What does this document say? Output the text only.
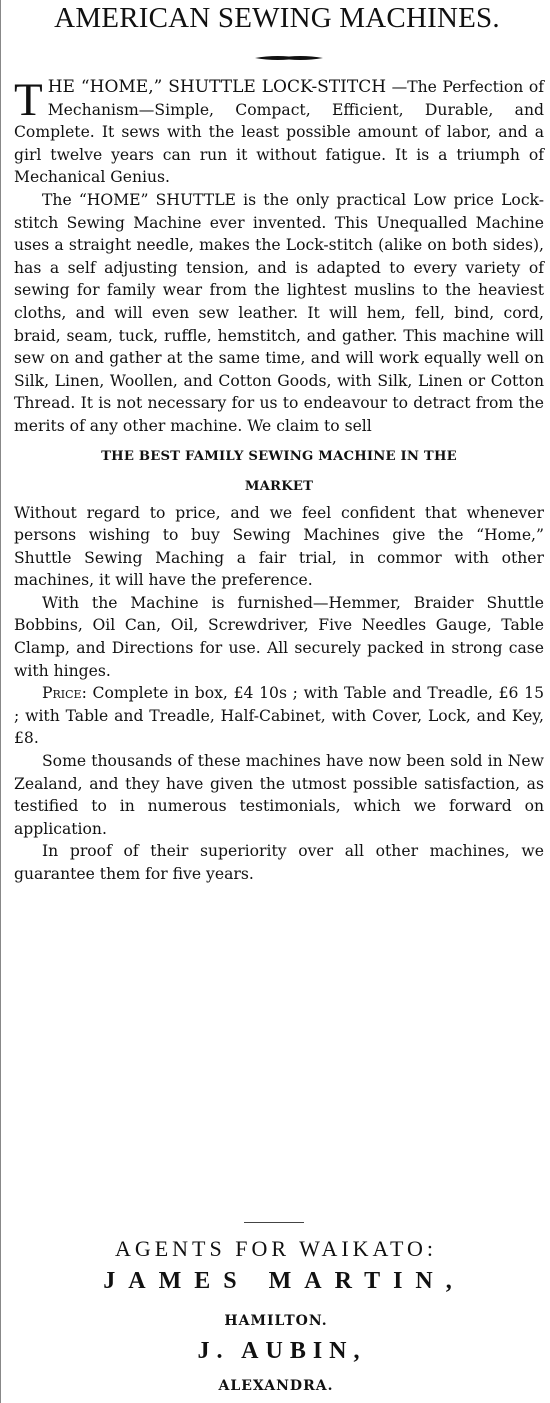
AMERICAN SEWING MACHINES.

THE “HOME,” SHUTTLE LOCK-STITCH —The Perfection of Mechanism—Simple, Compact, Efficient, Durable, and Complete. It sews with the least possible amount of labor, and a girl twelve years can run it without fatigue. It is a triumph of Mechanical Genius.

The “HOME” SHUTTLE is the only practical Low price Lock-stitch Sewing Machine ever invented. This Unequalled Machine uses a straight needle, makes the Lock-stitch (alike on both sides), has a self adjusting tension, and is adapted to every variety of sewing for family wear from the lightest muslins to the heaviest cloths, and will even sew leather. It will hem, fell, bind, cord, braid, seam, tuck, ruffle, hemstitch, and gather. This machine will sew on and gather at the same time, and will work equally well on Silk, Linen, Woollen, and Cotton Goods, with Silk, Linen or Cotton Thread. It is not necessary for us to endeavour to detract from the merits of any other machine. We claim to sell

THE BEST FAMILY SEWING MACHINE IN THE
MARKET

Without regard to price, and we feel confident that whenever persons wishing to buy Sewing Machines give the “Home,” Shuttle Sewing Maching a fair trial, in commor with other machines, it will have the preference.

With the Machine is furnished—Hemmer, Braider Shuttle Bobbins, Oil Can, Oil, Screwdriver, Five Needles Gauge, Table Clamp, and Directions for use. All securely packed in strong case with hinges.

Price: Complete in box, £4 10s ; with Table and Treadle, £6 15 ; with Table and Treadle, Half-Cabinet, with Cover, Lock, and Key, £8.

Some thousands of these machines have now been sold in New Zealand, and they have given the utmost possible satisfaction, as testified to in numerous testimonials, which we forward on application.

In proof of their superiority over all other machines, we guarantee them for five years.

AGENTS FOR WAIKATO:
JAMES MARTIN,
HAMILTON.
J. AUBIN,
ALEXANDRA.
